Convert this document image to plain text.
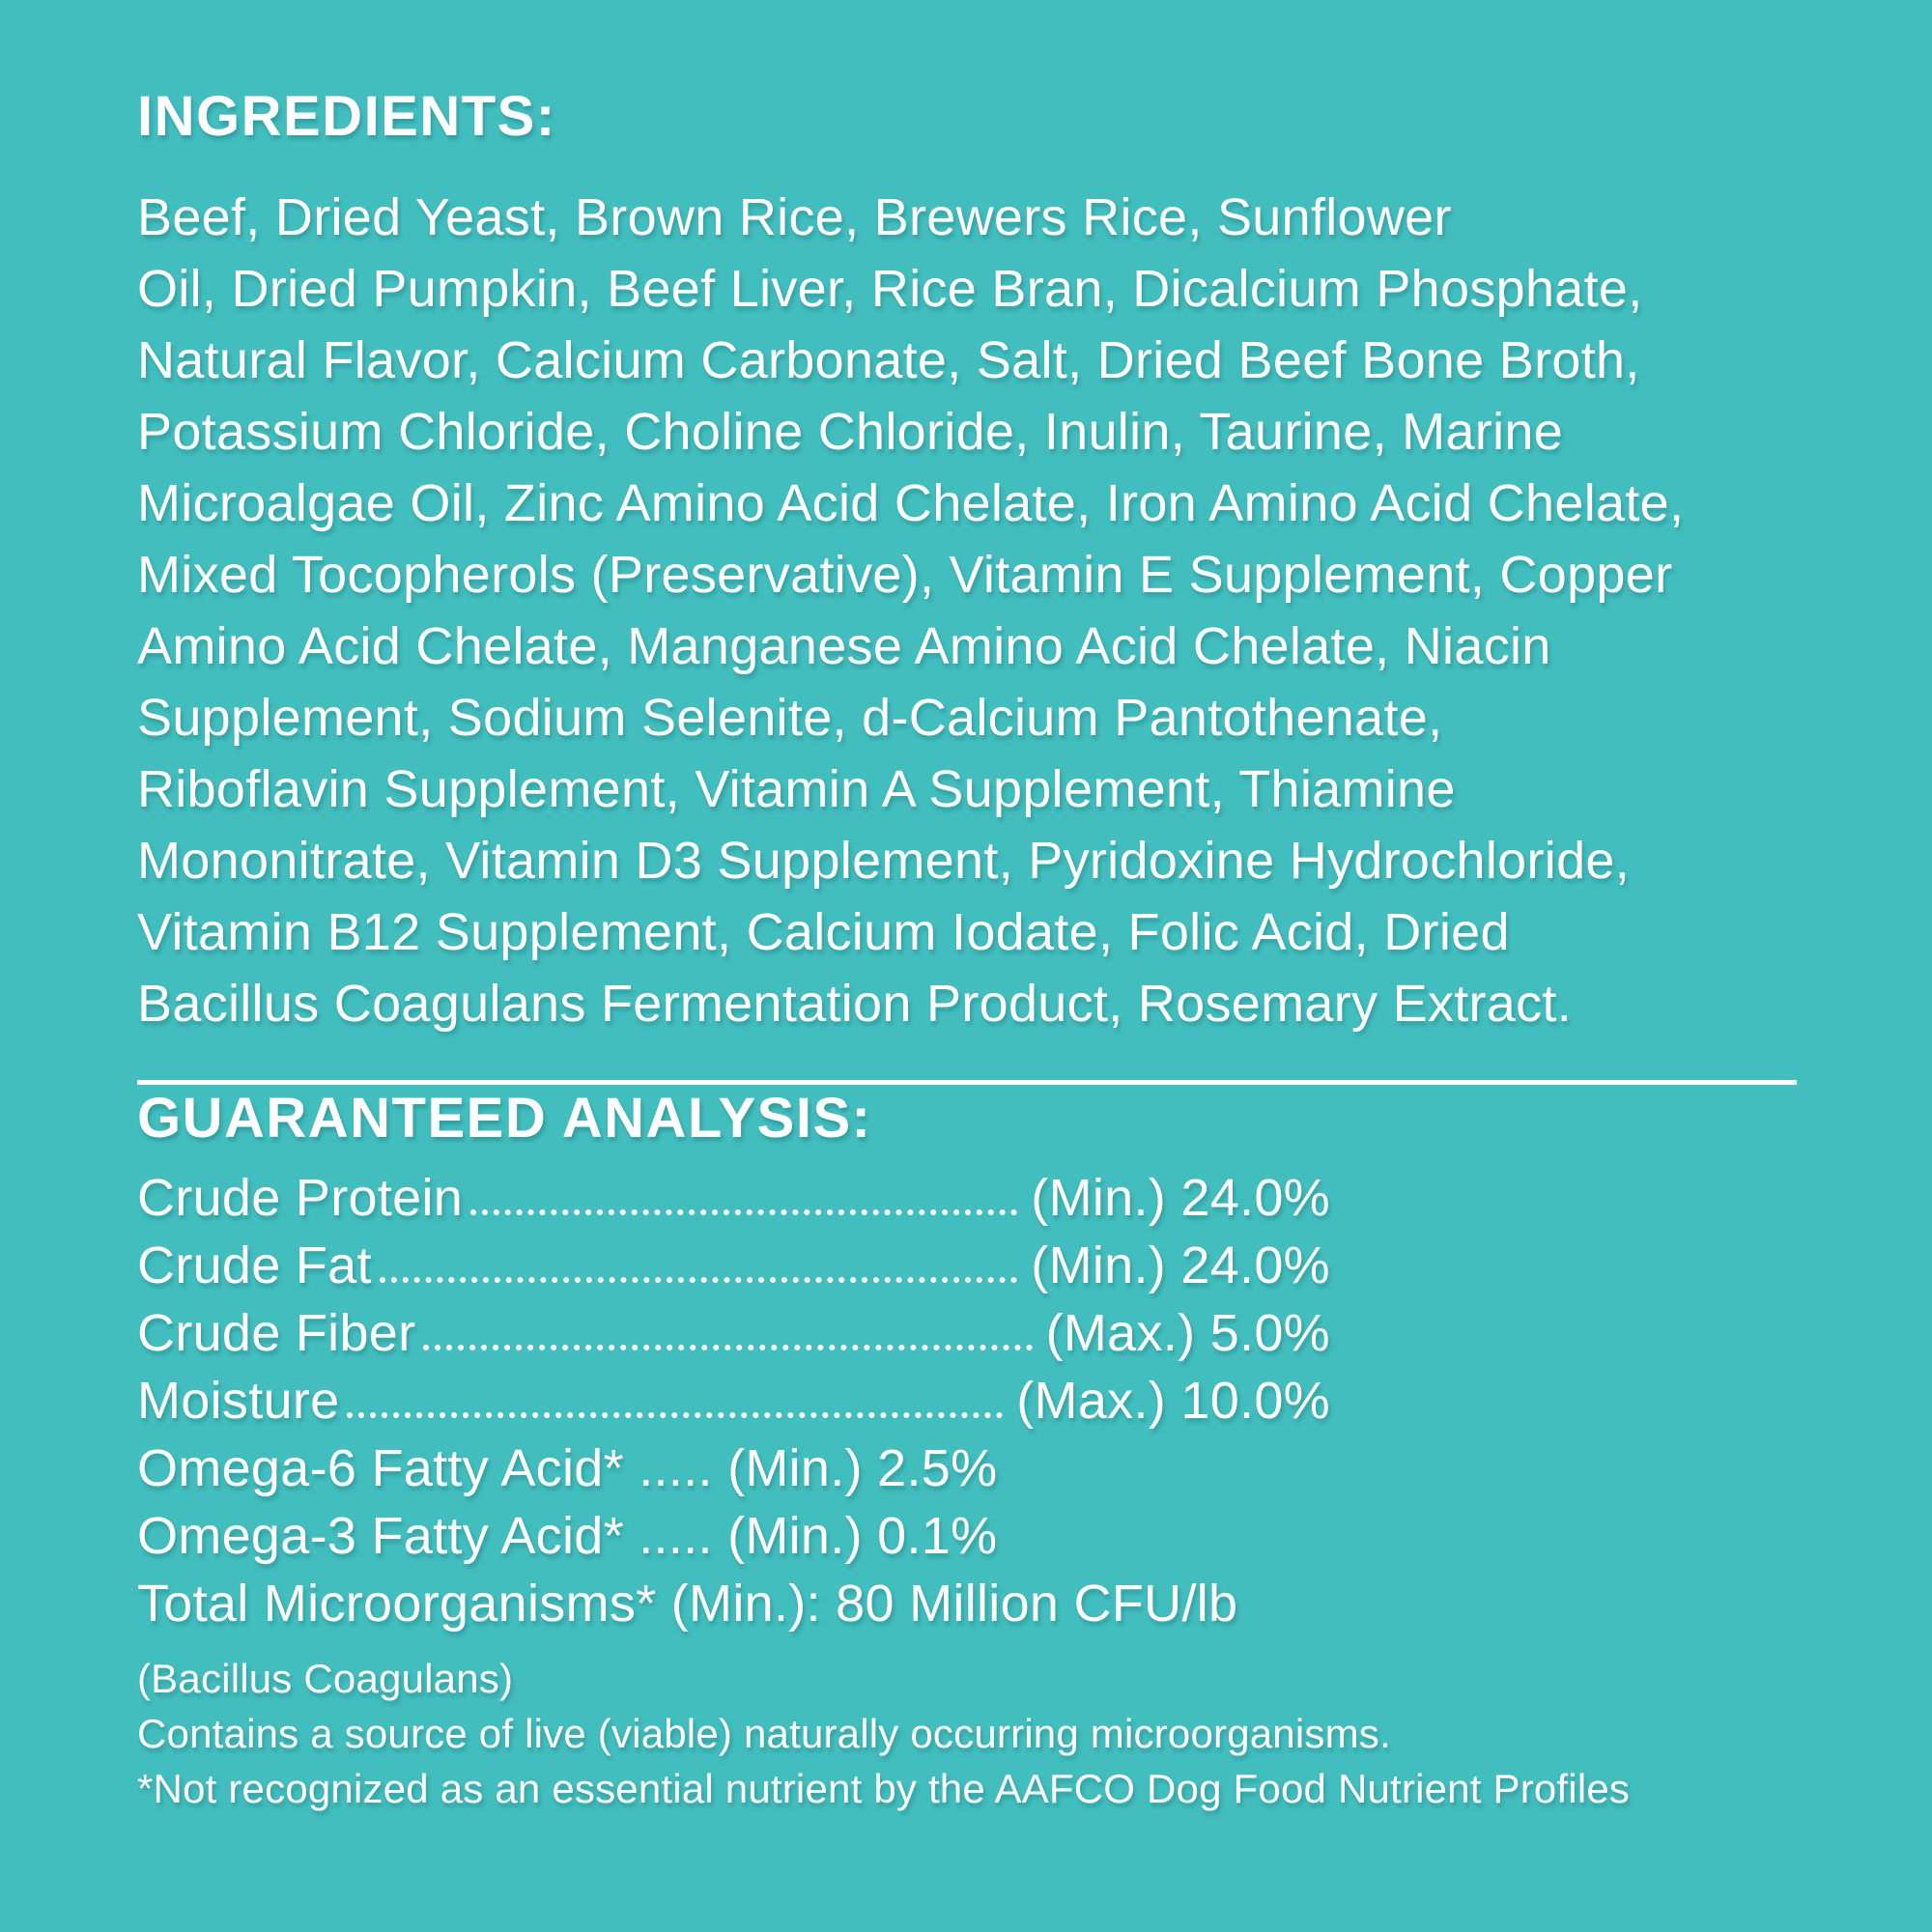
INGREDIENTS:
Beef, Dried Yeast, Brown Rice, Brewers Rice, Sunflower
Oil, Dried Pumpkin, Beef Liver, Rice Bran, Dicalcium Phosphate,
Natural Flavor, Calcium Carbonate, Salt, Dried Beef Bone Broth,
Potassium Chloride, Choline Chloride, Inulin, Taurine, Marine
Microalgae Oil, Zinc Amino Acid Chelate, Iron Amino Acid Chelate,
Mixed Tocopherols (Preservative), Vitamin E Supplement, Copper
Amino Acid Chelate, Manganese Amino Acid Chelate, Niacin
Supplement, Sodium Selenite, d-Calcium Pantothenate,
Riboflavin Supplement, Vitamin A Supplement, Thiamine
Mononitrate, Vitamin D3 Supplement, Pyridoxine Hydrochloride,
Vitamin B12 Supplement, Calcium Iodate, Folic Acid, Dried
Bacillus Coagulans Fermentation Product, Rosemary Extract.
GUARANTEED ANALYSIS:
Crude Protein	(Min.) 24.0%
Crude Fat	(Min.) 24.0%
Crude Fiber	(Max.) 5.0%
Moisture	(Max.) 10.0%
Omega-6 Fatty Acid* ..... (Min.) 2.5%
Omega-3 Fatty Acid* ..... (Min.) 0.1%
Total Microorganisms* (Min.): 80 Million CFU/lb
(Bacillus Coagulans)
Contains a source of live (viable) naturally occurring microorganisms.
*Not recognized as an essential nutrient by the AAFCO Dog Food Nutrient Profiles
